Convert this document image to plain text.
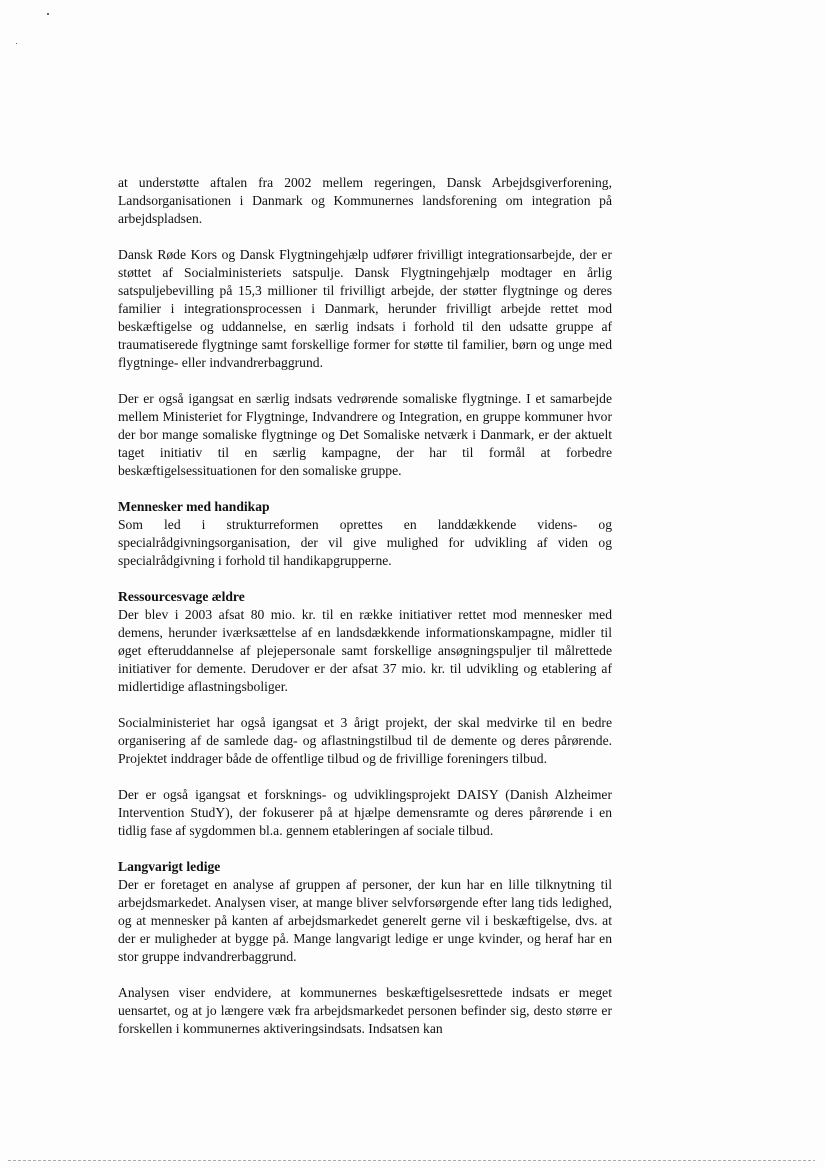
at understøtte aftalen fra 2002 mellem regeringen, Dansk Arbejdsgiverforening, Landsorganisationen i Danmark og Kommunernes landsforening om integration på arbejdspladsen.

Dansk Røde Kors og Dansk Flygtningehjælp udfører frivilligt integrationsarbejde, der er støttet af Socialministeriets satspulje. Dansk Flygtningehjælp modtager en årlig satspuljebevilling på 15,3 millioner til frivilligt arbejde, der støtter flygtninge og deres familier i integrationsprocessen i Danmark, herunder frivilligt arbejde rettet mod beskæftigelse og uddannelse, en særlig indsats i forhold til den udsatte gruppe af traumatiserede flygtninge samt forskellige former for støtte til familier, børn og unge med flygtninge- eller indvandrerbaggrund.

Der er også igangsat en særlig indsats vedrørende somaliske flygtninge. I et samarbejde mellem Ministeriet for Flygtninge, Indvandrere og Integration, en gruppe kommuner hvor der bor mange somaliske flygtninge og Det Somaliske netværk i Danmark, er der aktuelt taget initiativ til en særlig kampagne, der har til formål at forbedre beskæftigelsessituationen for den somaliske gruppe.

Mennesker med handikap

Som led i strukturreformen oprettes en landdækkende videns- og specialrådgivningsorganisation, der vil give mulighed for udvikling af viden og specialrådgivning i forhold til handikapgrupperne.

Ressourcesvage ældre

Der blev i 2003 afsat 80 mio. kr. til en række initiativer rettet mod mennesker med demens, herunder iværksættelse af en landsdækkende informationskampagne, midler til øget efteruddannelse af plejepersonale samt forskellige ansøgningspuljer til målrettede initiativer for demente. Derudover er der afsat 37 mio. kr. til udvikling og etablering af midlertidige aflastningsboliger.

Socialministeriet har også igangsat et 3 årigt projekt, der skal medvirke til en bedre organisering af de samlede dag- og aflastningstilbud til de demente og deres pårørende. Projektet inddrager både de offentlige tilbud og de frivillige foreningers tilbud.

Der er også igangsat et forsknings- og udviklingsprojekt DAISY (Danish Alzheimer Intervention StudY), der fokuserer på at hjælpe demensramte og deres pårørende i en tidlig fase af sygdommen bl.a. gennem etableringen af sociale tilbud.

Langvarigt ledige

Der er foretaget en analyse af gruppen af personer, der kun har en lille tilknytning til arbejdsmarkedet. Analysen viser, at mange bliver selvforsørgende efter lang tids ledighed, og at mennesker på kanten af arbejdsmarkedet generelt gerne vil i beskæftigelse, dvs. at der er muligheder at bygge på. Mange langvarigt ledige er unge kvinder, og heraf har en stor gruppe indvandrerbaggrund.

Analysen viser endvidere, at kommunernes beskæftigelsesrettede indsats er meget uensartet, og at jo længere væk fra arbejdsmarkedet personen befinder sig, desto større er forskellen i kommunernes aktiveringsindsats. Indsatsen kan
